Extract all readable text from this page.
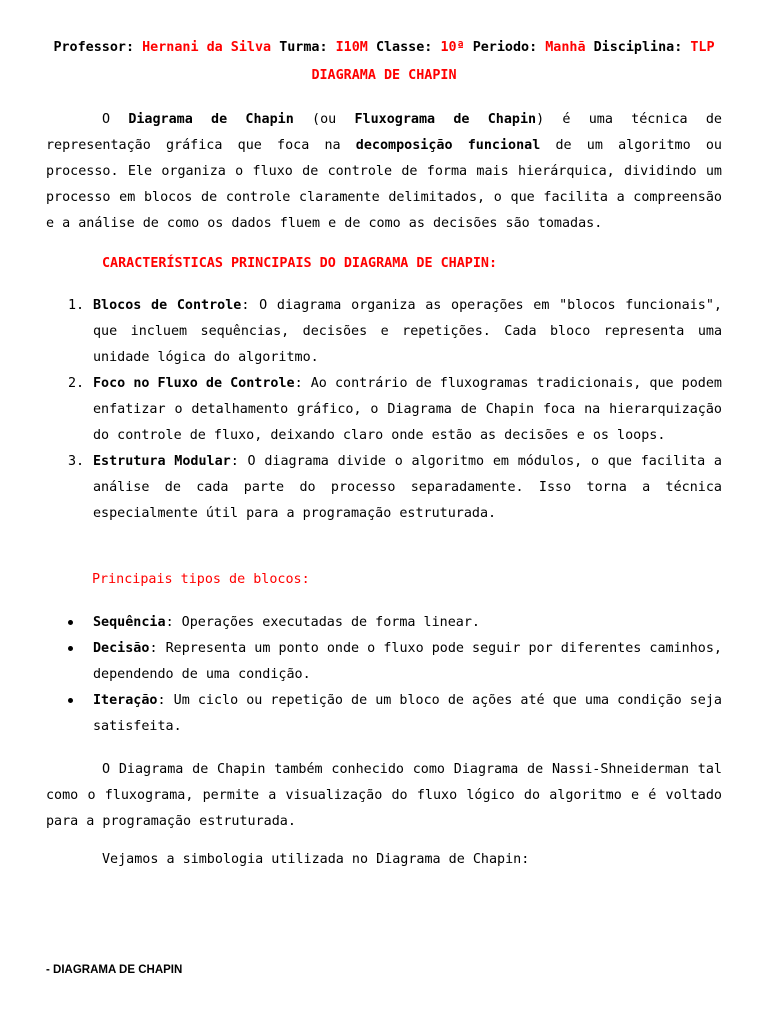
Professor: Hernani da Silva Turma: I10M Classe: 10ª Periodo: Manhã Disciplina: TLP
DIAGRAMA DE CHAPIN
O Diagrama de Chapin (ou Fluxograma de Chapin) é uma técnica de representação gráfica que foca na decomposição funcional de um algoritmo ou processo. Ele organiza o fluxo de controle de forma mais hierárquica, dividindo um processo em blocos de controle claramente delimitados, o que facilita a compreensão e a análise de como os dados fluem e de como as decisões são tomadas.
CARACTERÍSTICAS PRINCIPAIS DO DIAGRAMA DE CHAPIN:
1. Blocos de Controle: O diagrama organiza as operações em "blocos funcionais", que incluem sequências, decisões e repetições. Cada bloco representa uma unidade lógica do algoritmo.
2. Foco no Fluxo de Controle: Ao contrário de fluxogramas tradicionais, que podem enfatizar o detalhamento gráfico, o Diagrama de Chapin foca na hierarquização do controle de fluxo, deixando claro onde estão as decisões e os loops.
3. Estrutura Modular: O diagrama divide o algoritmo em módulos, o que facilita a análise de cada parte do processo separadamente. Isso torna a técnica especialmente útil para a programação estruturada.
Principais tipos de blocos:
Sequência: Operações executadas de forma linear.
Decisão: Representa um ponto onde o fluxo pode seguir por diferentes caminhos, dependendo de uma condição.
Iteração: Um ciclo ou repetição de um bloco de ações até que uma condição seja satisfeita.
O Diagrama de Chapin também conhecido como Diagrama de Nassi-Shneiderman tal como o fluxograma, permite a visualização do fluxo lógico do algoritmo e é voltado para a programação estruturada.
Vejamos a simbologia utilizada no Diagrama de Chapin:
- DIAGRAMA DE CHAPIN
